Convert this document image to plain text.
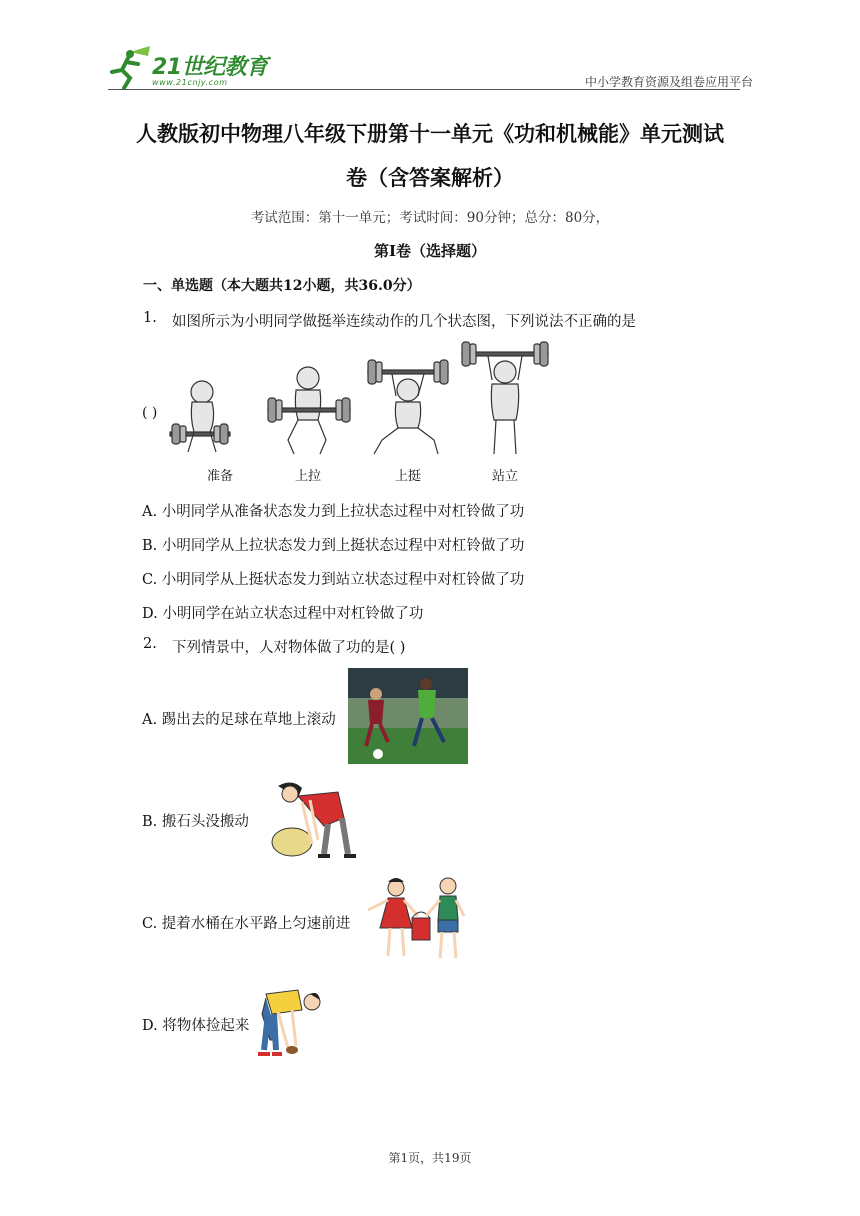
21世纪教育
www.21cnjy.com	中小学教育资源及组卷应用平台
人教版初中物理八年级下册第十一单元《功和机械能》单元测试
卷（含答案解析）
考试范围：第十一单元；考试时间：90分钟；总分：80分，
第I卷（选择题）
一、单选题（本大题共12小题，共36.0分）
1. 如图所示为小明同学做挺举连续动作的几个状态图，下列说法不正确的是
( )
准备	上拉	上挺	站立
A. 小明同学从准备状态发力到上拉状态过程中对杠铃做了功
B. 小明同学从上拉状态发力到上挺状态过程中对杠铃做了功
C. 小明同学从上挺状态发力到站立状态过程中对杠铃做了功
D. 小明同学在站立状态过程中对杠铃做了功
2. 下列情景中，人对物体做了功的是( )
A. 踢出去的足球在草地上滚动
B. 搬石头没搬动
C. 提着水桶在水平路上匀速前进
D. 将物体捡起来
第1页，共19页
